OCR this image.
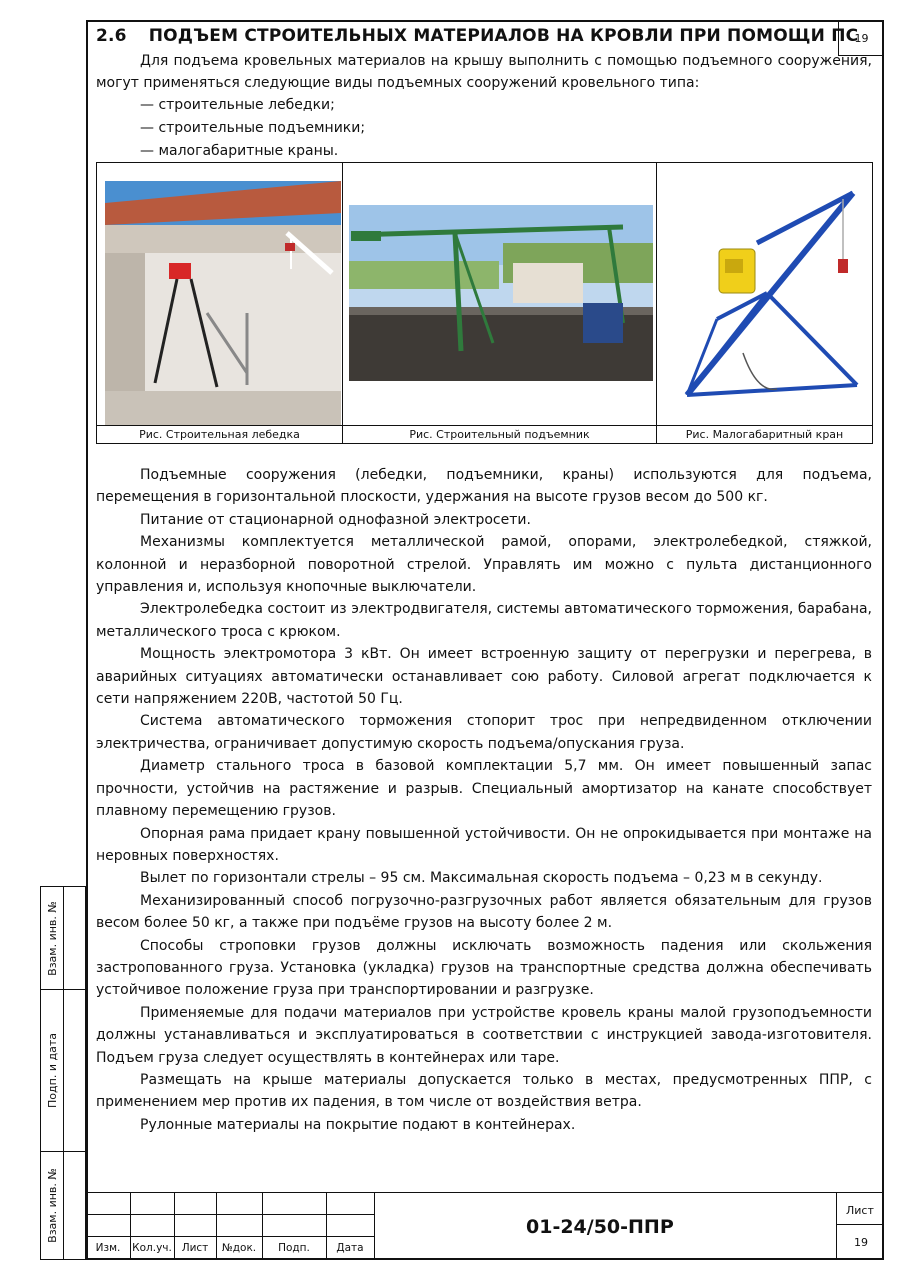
19
2.6 ПОДЪЕМ СТРОИТЕЛЬНЫХ МАТЕРИАЛОВ НА КРОВЛИ ПРИ ПОМОЩИ ПС

Для подъема кровельных материалов на крышу выполнить с помощью подъемного сооружения, могут применяться следующие виды подъемных сооружений кровельного типа:

— строительные лебедки;
— строительные подъемники;
— малогабаритные краны.
Рис. Строительная лебедка	Рис. Строительный подъемник	Рис. Малогабаритный кран

Подъемные сооружения (лебедки, подъемники, краны) используются для подъема, перемещения в горизонтальной плоскости, удержания на высоте грузов весом до 500 кг.

Питание от стационарной однофазной электросети.

Механизмы комплектуется металлической рамой, опорами, электролебедкой, стяжкой, колонной и неразборной поворотной стрелой. Управлять им можно с пульта дистанционного управления и, используя кнопочные выключатели.

Электролебедка состоит из электродвигателя, системы автоматического торможения, барабана, металлического троса с крюком.

Мощность электромотора 3 кВт. Он имеет встроенную защиту от перегрузки и перегрева, в аварийных ситуациях автоматически останавливает сою работу. Силовой агрегат подключается к сети напряжением 220В, частотой 50 Гц.

Система автоматического торможения стопорит трос при непредвиденном отключении электричества, ограничивает допустимую скорость подъема/опускания груза.

Диаметр стального троса в базовой комплектации 5,7 мм. Он имеет повышенный запас прочности, устойчив на растяжение и разрыв. Специальный амортизатор на канате способствует плавному перемещению грузов.

Опорная рама придает крану повышенной устойчивости. Он не опрокидывается при монтаже на неровных поверхностях.

Вылет по горизонтали стрелы – 95 см. Максимальная скорость подъема – 0,23 м в секунду.

Механизированный способ погрузочно-разгрузочных работ является обязательным для грузов весом более 50 кг, а также при подъёме грузов на высоту более 2 м.

Способы строповки грузов должны исключать возможность падения или скольжения застропованного груза. Установка (укладка) грузов на транспортные средства должна обеспечивать устойчивое положение груза при транспортировании и разгрузке.

Применяемые для подачи материалов при устройстве кровель краны малой грузоподъемности должны устанавливаться и эксплуатироваться в соответствии с инструкцией завода-изготовителя. Подъем груза следует осуществлять в контейнерах или таре.

Размещать на крыше материалы допускается только в местах, предусмотренных ППР, с применением мер против их падения, в том числе от воздействия ветра.

Рулонные материалы на покрытие подают в контейнерах.

Взам. инв. №
Подп. и дата
Взам. инв. №
Изм.	Кол.уч. Лист	№док.	Подп.	Дата
01-24/50-ППР
Лист
19
